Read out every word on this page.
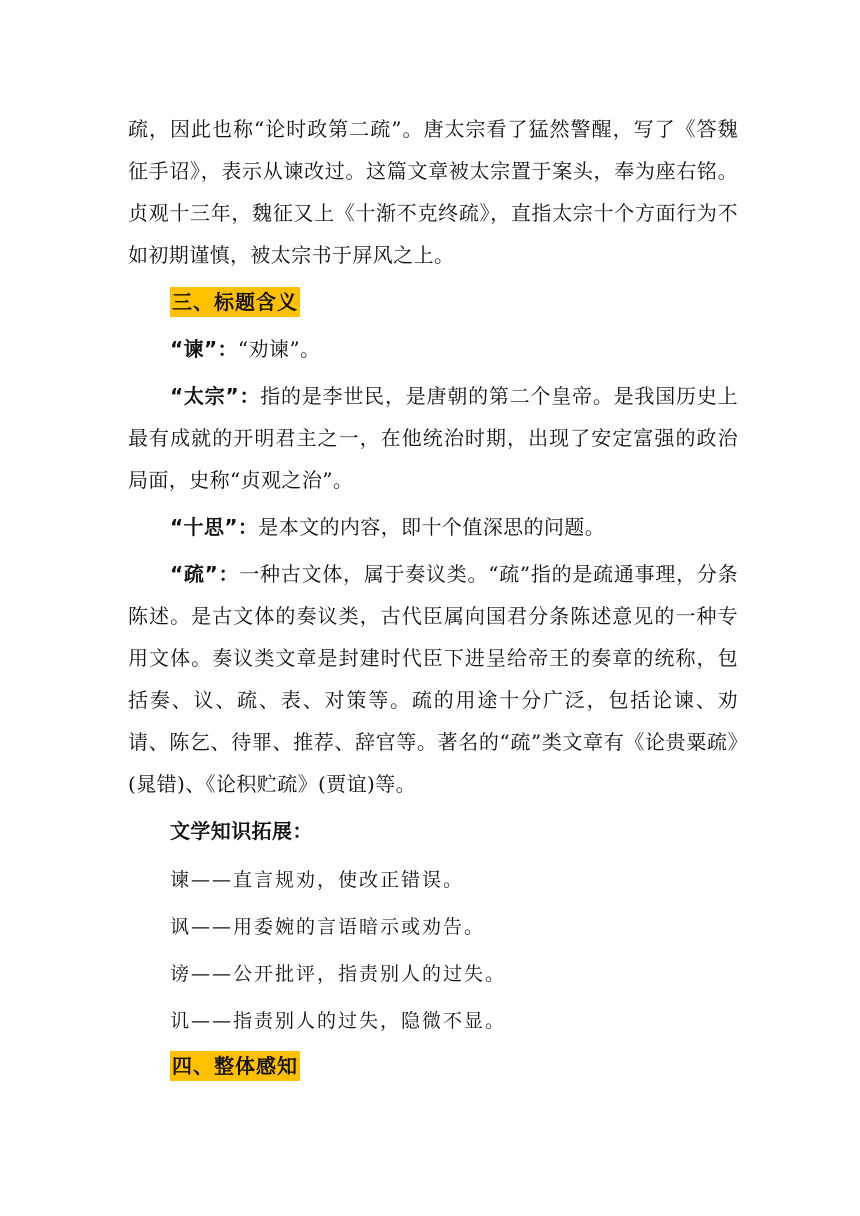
疏，因此也称“论时政第二疏”。唐太宗看了猛然警醒，写了《答魏征手诏》，表示从谏改过。这篇文章被太宗置于案头，奉为座右铭。贞观十三年，魏征又上《十渐不克终疏》，直指太宗十个方面行为不如初期谨慎，被太宗书于屏风之上。

三、标题含义

“谏”：“劝谏”。

“太宗”：指的是李世民，是唐朝的第二个皇帝。是我国历史上最有成就的开明君主之一，在他统治时期，出现了安定富强的政治局面，史称“贞观之治”。

“十思”：是本文的内容，即十个值深思的问题。

“疏”：一种古文体，属于奏议类。“疏”指的是疏通事理，分条陈述。是古文体的奏议类，古代臣属向国君分条陈述意见的一种专用文体。奏议类文章是封建时代臣下进呈给帝王的奏章的统称，包括奏、议、疏、表、对策等。疏的用途十分广泛，包括论谏、劝请、陈乞、待罪、推荐、辞官等。著名的“疏”类文章有《论贵粟疏》(晁错)、《论积贮疏》(贾谊)等。

文学知识拓展：

谏——直言规劝，使改正错误。

讽——用委婉的言语暗示或劝告。

谤——公开批评，指责别人的过失。

讥——指责别人的过失，隐微不显。

四、整体感知
